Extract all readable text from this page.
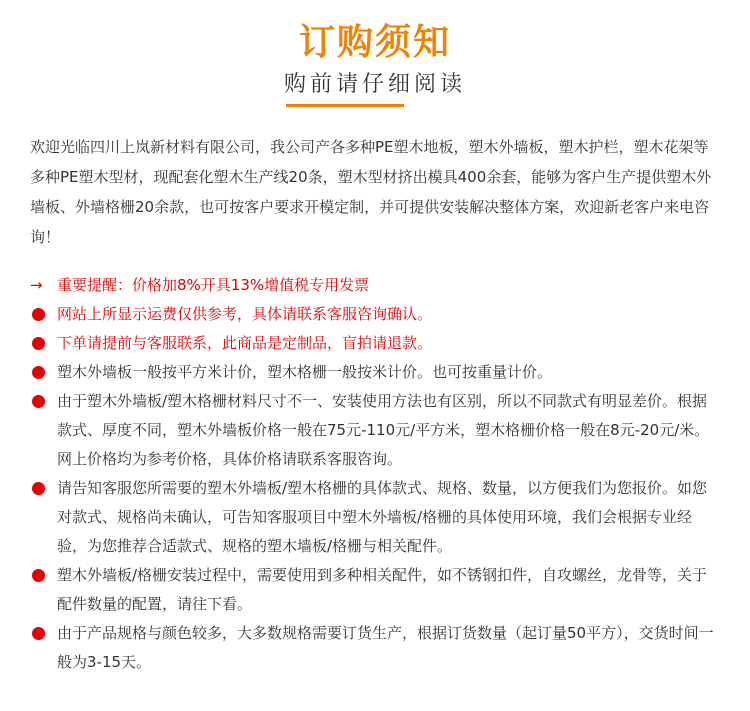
订购须知
购前请仔细阅读

欢迎光临四川上岚新材料有限公司，我公司产各多种PE塑木地板，塑木外墙板，塑木护栏，塑木花架等多种PE塑木型材，现配套化塑木生产线20条，塑木型材挤出模具400余套，能够为客户生产提供塑木外墙板、外墙格栅20余款，也可按客户要求开模定制，并可提供安装解决整体方案，欢迎新老客户来电咨询！

→ 重要提醒：价格加8%开具13%增值税专用发票
网站上所显示运费仅供参考，具体请联系客服咨询确认。
下单请提前与客服联系，此商品是定制品，盲拍请退款。
塑木外墙板一般按平方米计价，塑木格栅一般按米计价。也可按重量计价。
由于塑木外墙板/塑木格栅材料尺寸不一、安装使用方法也有区别，所以不同款式有明显差价。根据款式、厚度不同，塑木外墙板价格一般在75元-110元/平方米，塑木格栅价格一般在8元-20元/米。网上价格均为参考价格，具体价格请联系客服咨询。
请告知客服您所需要的塑木外墙板/塑木格栅的具体款式、规格、数量，以方便我们为您报价。如您对款式、规格尚未确认，可告知客服项目中塑木外墙板/格栅的具体使用环境，我们会根据专业经验，为您推荐合适款式、规格的塑木墙板/格栅与相关配件。
塑木外墙板/格栅安装过程中，需要使用到多种相关配件，如不锈钢扣件，自攻螺丝，龙骨等，关于配件数量的配置，请往下看。
由于产品规格与颜色较多，大多数规格需要订货生产，根据订货数量（起订量50平方），交货时间一般为3-15天。
